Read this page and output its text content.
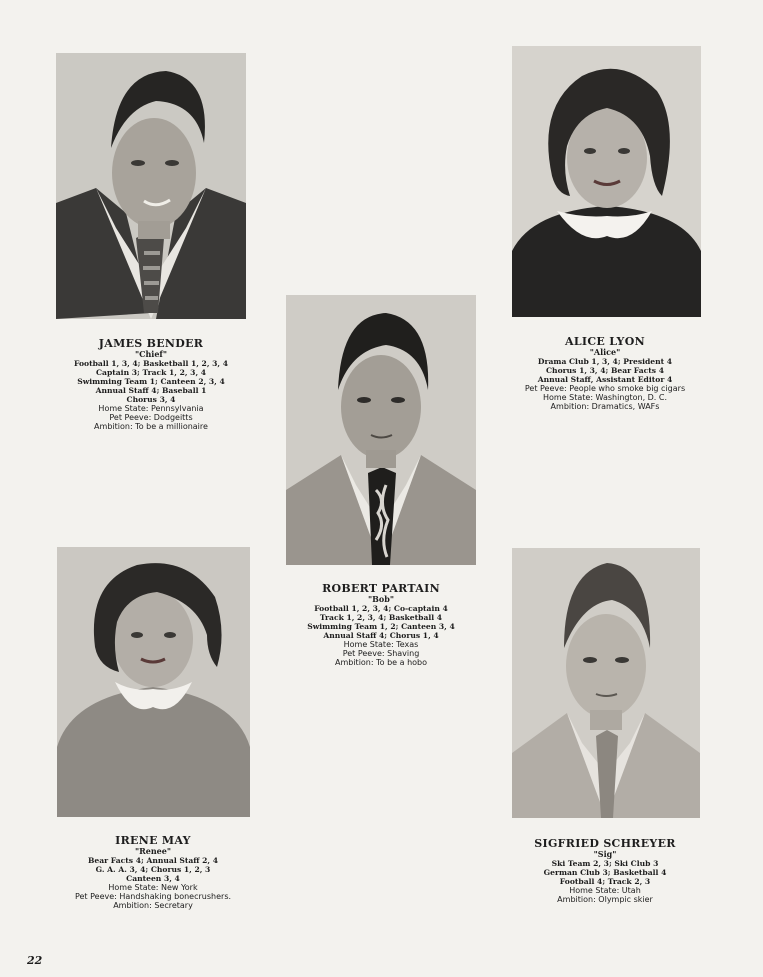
JAMES BENDER

"Chief"

Football 1, 3, 4; Basketball 1, 2, 3, 4

Captain 3; Track 1, 2, 3, 4

Swimming Team 1; Canteen 2, 3, 4

Annual Staff 4; Baseball 1

Chorus 3, 4

Home State: Pennsylvania

Pet Peeve: Dodgeitts

Ambition: To be a millionaire

ALICE LYON

"Alice"

Drama Club 1, 3, 4; President 4

Chorus 1, 3, 4; Bear Facts 4

Annual Staff, Assistant Editor 4

Pet Peeve: People who smoke big cigars

Home State: Washington, D. C.

Ambition: Dramatics, WAFs

ROBERT PARTAIN

"Bob"

Football 1, 2, 3, 4; Co-captain 4

Track 1, 2, 3, 4; Basketball 4

Swimming Team 1, 2; Canteen 3, 4

Annual Staff 4; Chorus 1, 4

Home State: Texas

Pet Peeve: Shaving

Ambition: To be a hobo

IRENE MAY

"Renee"

Bear Facts 4; Annual Staff 2, 4

G. A. A. 3, 4; Chorus 1, 2, 3

Canteen 3, 4

Home State: New York

Pet Peeve: Handshaking bonecrushers.

Ambition: Secretary

SIGFRIED SCHREYER

"Sig"

Ski Team 2, 3; Ski Club 3

German Club 3; Basketball 4

Football 4; Track 2, 3

Home State: Utah

Ambition: Olympic skier

22
